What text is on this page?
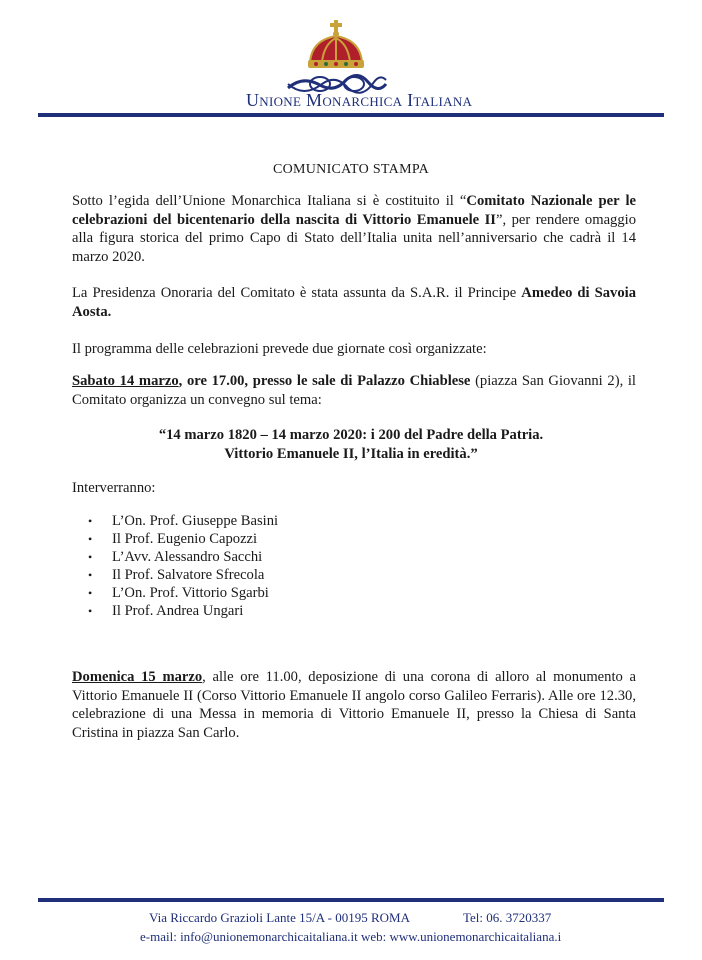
Unione Monarchica Italiana
COMUNICATO STAMPA
Sotto l’egida dell’Unione Monarchica Italiana si è costituito il “Comitato Nazionale per le celebrazioni del bicentenario della nascita di Vittorio Emanuele II”, per rendere omaggio alla figura storica del primo Capo di Stato dell’Italia unita nell’anniversario che cadrà il 14 marzo 2020.
La Presidenza Onoraria del Comitato è stata assunta da S.A.R. il Principe Amedeo di Savoia Aosta.
Il programma delle celebrazioni prevede due giornate così organizzate:
Sabato 14 marzo, ore 17.00, presso le sale di Palazzo Chiablese (piazza San Giovanni 2), il Comitato organizza un convegno sul tema:
“14 marzo 1820 – 14 marzo 2020: i 200 del Padre della Patria.
Vittorio Emanuele II, l’Italia in eredità.”
Interverranno:
• L’On. Prof. Giuseppe Basini
• Il Prof. Eugenio Capozzi
• L’Avv. Alessandro Sacchi
• Il Prof. Salvatore Sfrecola
• L’On. Prof. Vittorio Sgarbi
• Il Prof. Andrea Ungari
Domenica 15 marzo, alle ore 11.00, deposizione di una corona di alloro al monumento a Vittorio Emanuele II (Corso Vittorio Emanuele II angolo corso Galileo Ferraris). Alle ore 12.30, celebrazione di una Messa in memoria di Vittorio Emanuele II, presso la Chiesa di Santa Cristina in piazza San Carlo.
Via Riccardo Grazioli Lante 15/A - 00195 ROMA	Tel: 06. 3720337
e-mail: info@unionemonarchicaitaliana.it web: www.unionemonarchicaitaliana.i
